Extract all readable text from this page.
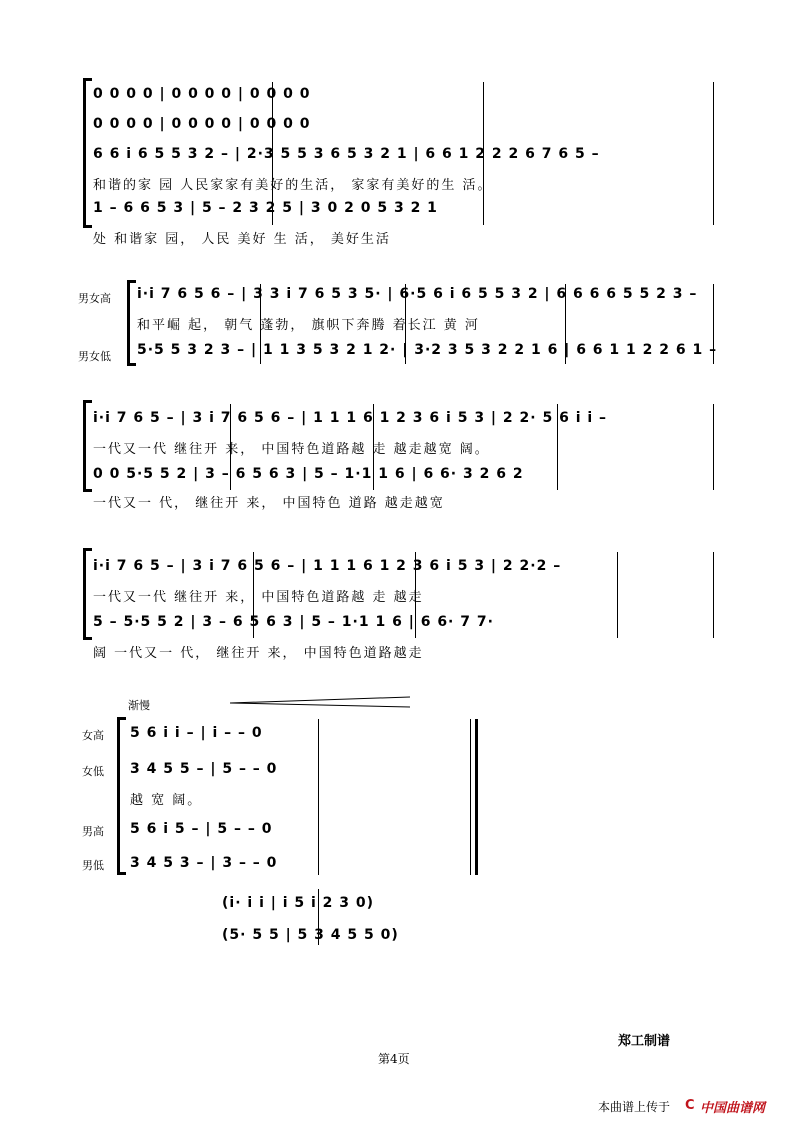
0 0 0 0 | 0 0 0 0 | 0 0 0 0
0 0 0 0 | 0 0 0 0 | 0 0 0 0
6 6 i 6 5 5 3 2 – | 2·3 5 5 3 6 5 3 2 1 | 6 6 1 2 2 2 6 7 6 5 –
和谐的家 园 人民家家有美好的生活， 家家有美好的生 活。
1 – 6 6 5 3 | 5 – 2 3 2 5 | 3 0 2 0 5 3 2 1
处 和谐家 园， 人民 美好 生 活， 美好生活
男女高
男女低
i·i 7 6 5 6 – | 3 3 i 7 6 5 3 5· | 6·5 6 i 6 5 5 3 2 | 6 6 6 6 5 5 2 3 –
和平崛 起， 朝气 蓬勃， 旗帜下奔腾 着长江 黄 河
5·5 5 3 2 3 – | 1 1 3 5 3 2 1 2· | 3·2 3 5 3 2 2 1 6 | 6 6 1 1 2 2 6 1 –
i·i 7 6 5 – | 3 i 7 6 5 6 – | 1 1 1 6 1 2 3 6 i 5 3 | 2 2· 5 6 i i –
一代又一代 继往开 来， 中国特色道路越 走 越走越宽 阔。
0 0 5·5 5 2 | 3 – 6 5 6 3 | 5 – 1·1 1 6 | 6 6· 3 2 6 2
一代又一 代， 继往开 来， 中国特色 道路 越走越宽
i·i 7 6 5 – | 3 i 7 6 5 6 – | 1 1 1 6 1 2 3 6 i 5 3 | 2 2·2 –
一代又一代 继往开 来， 中国特色道路越 走 越走
5 – 5·5 5 2 | 3 – 6 5 6 3 | 5 – 1·1 1 6 | 6 6· 7 7·
阔 一代又一 代， 继往开 来， 中国特色道路越走
渐慢
女高
女低
男高
男低
5 6 i i – | i – – 0
3 4 5 5 – | 5 – – 0
越 宽 阔。
5 6 i 5 – | 5 – – 0
3 4 5 3 – | 3 – – 0
(i· i i | i 5 i 2 3 0)
(5· 5 5 | 5 3 4 5 5 0)
郑工制谱
第4页
本曲谱上传于 C 中国曲谱网
